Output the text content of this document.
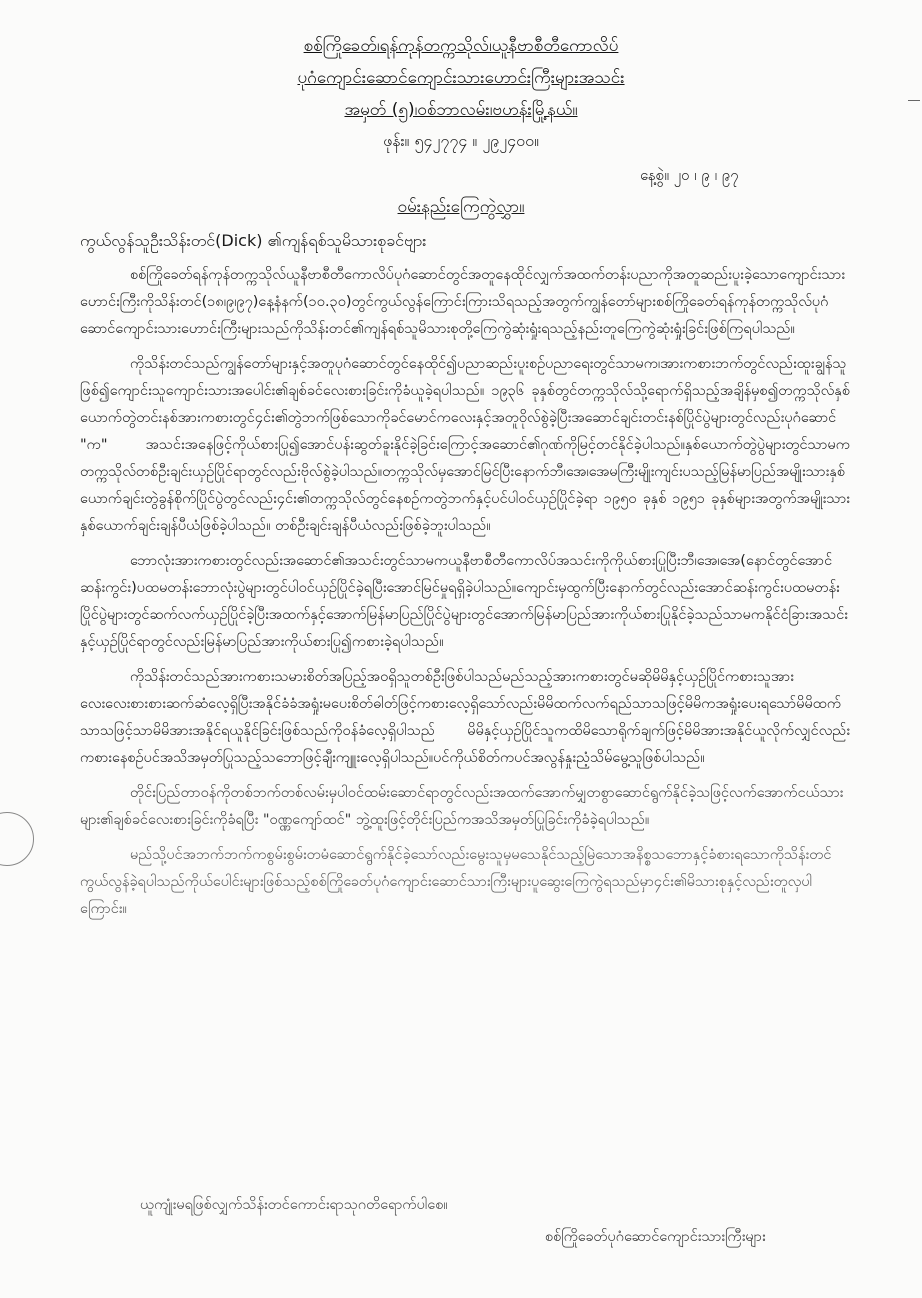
စစ်ကြိုခေတ်၊ရန်ကုန်တက္ကသိုလ်၊ယူနီဗာစီတီကောလိပ်
ပုဂံကျောင်းဆောင်ကျောင်းသားဟောင်းကြီးများအသင်း
အမှတ် (၅)၊ဝစ်ဘာလမ်း၊ဗဟန်းမြို့နယ်။
ဖုန်း။ ၅၄၂၇၇၄ ။ ၂၉၂၄၀၀။
နေ့စွဲ။ ၂၀ ၊ ၉ ၊ ၉၇
ဝမ်းနည်းကြေကွဲလွှာ။
ကွယ်လွန်သူဦးသိန်းတင်(Dick) ၏ကျန်ရစ်သူမိသားစုခင်ဗျား

စစ်ကြိုခေတ်ရန်ကုန်တက္ကသိုလ်ယူနီဗာစီတီကောလိပ်ပုဂံဆောင်တွင်အတူနေထိုင်လျှက်အထက်တန်းပညာကိုအတူဆည်းပူးခဲ့သောကျောင်းသားဟောင်းကြီးကိုသိန်းတင်(၁၈၊၉၊၉၇)နေ့နံနက်(၁၀.၃၀)တွင်ကွယ်လွန်ကြောင်းကြားသိရသည့်အတွက်ကျွန်တော်များစစ်ကြိုခေတ်ရန်ကုန်တက္ကသိုလ်ပုဂံဆောင်ကျောင်းသားဟောင်းကြီးများသည်ကိုသိန်းတင်၏ကျန်ရစ်သူမိသားစုတို့ကြေကွဲဆုံးရှုံးရသည့်နည်းတူကြေကွဲဆုံးရှုံးခြင်းဖြစ်ကြရပါသည်။

ကိုသိန်းတင်သည်ကျွန်တော်များနှင့်အတူပုဂံဆောင်တွင်နေထိုင်၍ပညာဆည်းပူးစဉ်ပညာရေးတွင်သာမက၊အားကစားဘက်တွင်လည်းထူးချွန်သူဖြစ်၍ကျောင်းသူကျောင်းသားအပေါင်း၏ချစ်ခင်လေးစားခြင်းကိုခံယူခဲ့ရပါသည်။ ၁၉၃၆ ခုနှစ်တွင်တက္ကသိုလ်သို့ရောက်ရှိသည့်အချိန်မှစ၍တက္ကသိုလ်နှစ်ယောက်တွဲတင်းနစ်အားကစားတွင်၄င်း၏တွဲဘက်ဖြစ်သောကိုခင်မောင်ကလေးနှင့်အတူဝိုလ်စွဲခဲ့ပြီးအဆောင်ချင်းတင်းနစ်ပြိုင်ပွဲများတွင်လည်းပုဂံဆောင် "က" အသင်းအနေဖြင့်ကိုယ်စားပြု၍အောင်ပန်းဆွတ်ခူးနိုင်ခဲ့ခြင်းကြောင့်အဆောင်၏ဂုဏ်ကိုမြင့်တင်နိုင်ခဲ့ပါသည်။နှစ်ယောက်တွဲပွဲများတွင်သာမကတက္ကသိုလ်တစ်ဦးချင်းယှဉ်ပြိုင်ရာတွင်လည်းဗိုလ်စွဲခဲ့ပါသည်။တက္ကသိုလ်မှအောင်မြင်ပြီးနောက်ဘီ၊အေ၊အေမကြီးမျိုးကျင်းပသည့်မြန်မာပြည်အမျိုးသားနှစ်ယောက်ချင်းတွဲခွန်စိုက်ပြိုင်ပွဲတွင်လည်း၄င်း၏တက္ကသိုလ်တွင်နေစဉ်ကတွဲဘက်နှင့်ပင်ပါဝင်ယှဉ်ပြိုင်ခဲ့ရာ ၁၉၅၀ ခုနှစ် ၁၉၅၁ ခုနှစ်များအတွက်အမျိုးသားနှစ်ယောက်ချင်းချန်ပီယံဖြစ်ခဲ့ပါသည်။ တစ်ဦးချင်းချန်ပီယံလည်းဖြစ်ခဲ့ဘူးပါသည်။

ဘောလုံးအားကစားတွင်လည်းအဆောင်၏အသင်းတွင်သာမကယူနီဗာစီတီကောလိပ်အသင်းကိုကိုယ်စားပြုပြီးဘီ၊အေ၊အေ(နောင်တွင်အောင်ဆန်းကွင်း)ပထမတန်းဘောလုံးပွဲများတွင်ပါဝင်ယှဉ်ပြိုင်ခဲ့ရပြီးအောင်မြင်မှုရရှိခဲ့ပါသည်။ကျောင်းမှထွက်ပြီးနောက်တွင်လည်းအောင်ဆန်းကွင်းပထမတန်းပြိုင်ပွဲများတွင်ဆက်လက်ယှဉ်ပြိုင်ခဲ့ပြီးအထက်နှင့်အောက်မြန်မာပြည်ပြိုင်ပွဲများတွင်အောက်မြန်မာပြည်အားကိုယ်စားပြုနိုင်ခဲ့သည်သာမကနိုင်ငံခြားအသင်းနှင့်ယှဉ်ပြိုင်ရာတွင်လည်းမြန်မာပြည်အားကိုယ်စားပြု၍ကစားခဲ့ရပါသည်။

ကိုသိန်းတင်သည်အားကစားသမားစိတ်အပြည့်အဝရှိသူတစ်ဦးဖြစ်ပါသည်မည်သည့်အားကစားတွင်မဆိုမိမိနှင့်ယှဉ်ပြိုင်ကစားသူအားလေးလေးစားစားဆက်ဆံလေ့ရှိပြီးအနိုင်ခံခံအရှုံးမပေးစိတ်ဓါတ်ဖြင့်ကစားလေ့ရှိသော်လည်းမိမိထက်လက်ရည်သာသဖြင့်မိမိကအရှုံးပေးရသော်မိမိထက်သာသဖြင့်သာမိမိအားအနိုင်ရယူနိုင်ခြင်းဖြစ်သည်ကိုဝန်ခံလေ့ရှိပါသည် မိမိနှင့်ယှဉ်ပြိုင်သူကထိမိသောရိုက်ချက်ဖြင့်မိမိအားအနိုင်ယူလိုက်လျှင်လည်းကစားနေစဉ်ပင်အသိအမှတ်ပြုသည့်သဘောဖြင့်ချီးကျူးလေ့ရှိပါသည်။ပင်ကိုယ်စိတ်ကပင်အလွန်နှုးညံ့သိမ်မွေ့သူဖြစ်ပါသည်။

တိုင်းပြည်တာဝန်ကိုတစ်ဘက်တစ်လမ်းမှပါဝင်ထမ်းဆောင်ရာတွင်လည်းအထက်အောက်မျှတစွာဆောင်ရွက်နိုင်ခဲ့သဖြင့်လက်အောက်ငယ်သားများ၏ချစ်ခင်လေးစားခြင်းကိုခံရပြီး "ဝဏ္ဏကျော်ထင်" ဘွဲ့ထူးဖြင့်တိုင်းပြည်ကအသိအမှတ်ပြုခြင်းကိုခံခဲ့ရပါသည်။

မည်သို့ပင်အဘက်ဘက်ကစွမ်းစွမ်းတမံဆောင်ရွက်နိုင်ခဲ့သော်လည်းမွေးသူမှမသေနိုင်သည့်မြဲသောအနိစ္စသဘောနှင့်ခံစားရသောကိုသိန်းတင်ကွယ်လွန်ခဲ့ရပါသည်ကိုယ်ပေါင်းများဖြစ်သည့်စစ်ကြိုခေတ်ပုဂံကျောင်းဆောင်သားကြီးများပူဆွေးကြေကွဲရသည်မှာ၄င်း၏မိသားစုနှင့်လည်းတူလှပါကြောင်း။

ယူကျုံးမရဖြစ်လျှက်သိန်းတင်ကောင်းရာသုဂတိရောက်ပါစေ။
စစ်ကြိုခေတ်ပုဂံဆောင်ကျောင်းသားကြီးများ
